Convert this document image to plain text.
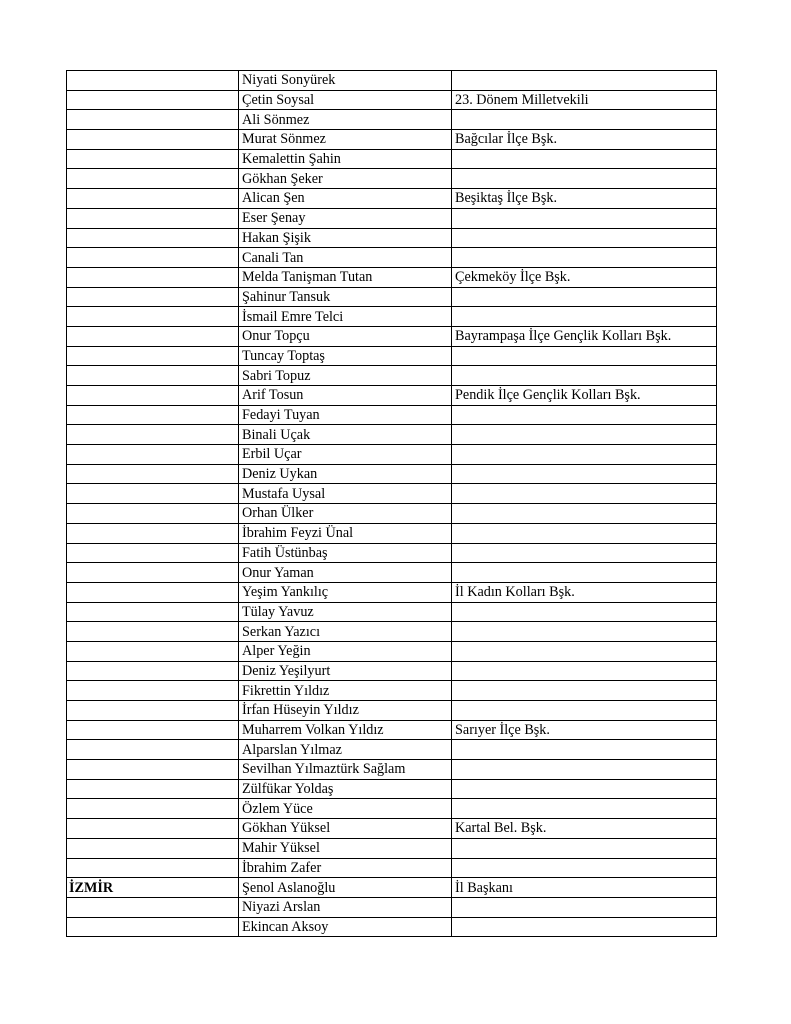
	Niyati Sonyürek	
	Çetin Soysal	23. Dönem Milletvekili
	Ali Sönmez	
	Murat Sönmez	Bağcılar İlçe Bşk.
	Kemalettin Şahin	
	Gökhan Şeker	
	Alican Şen	Beşiktaş İlçe Bşk.
	Eser Şenay	
	Hakan Şişik	
	Canali Tan	
	Melda Tanişman Tutan	Çekmeköy İlçe Bşk.
	Şahinur Tansuk	
	İsmail Emre Telci	
	Onur Topçu	Bayrampaşa İlçe Gençlik Kolları Bşk.
	Tuncay Toptaş	
	Sabri Topuz	
	Arif Tosun	Pendik İlçe Gençlik Kolları Bşk.
	Fedayi Tuyan	
	Binali Uçak	
	Erbil Uçar	
	Deniz Uykan	
	Mustafa Uysal	
	Orhan Ülker	
	İbrahim Feyzi Ünal	
	Fatih Üstünbaş	
	Onur Yaman	
	Yeşim Yankılıç	İl Kadın Kolları Bşk.
	Tülay Yavuz	
	Serkan Yazıcı	
	Alper Yeğin	
	Deniz Yeşilyurt	
	Fikrettin Yıldız	
	İrfan Hüseyin Yıldız	
	Muharrem Volkan Yıldız	Sarıyer İlçe Bşk.
	Alparslan Yılmaz	
	Sevilhan Yılmaztürk Sağlam	
	Zülfükar Yoldaş	
	Özlem Yüce	
	Gökhan Yüksel	Kartal Bel. Bşk.
	Mahir Yüksel	
	İbrahim Zafer	
İZMİR	Şenol Aslanoğlu	İl Başkanı
	Niyazi Arslan	
	Ekincan Aksoy	
